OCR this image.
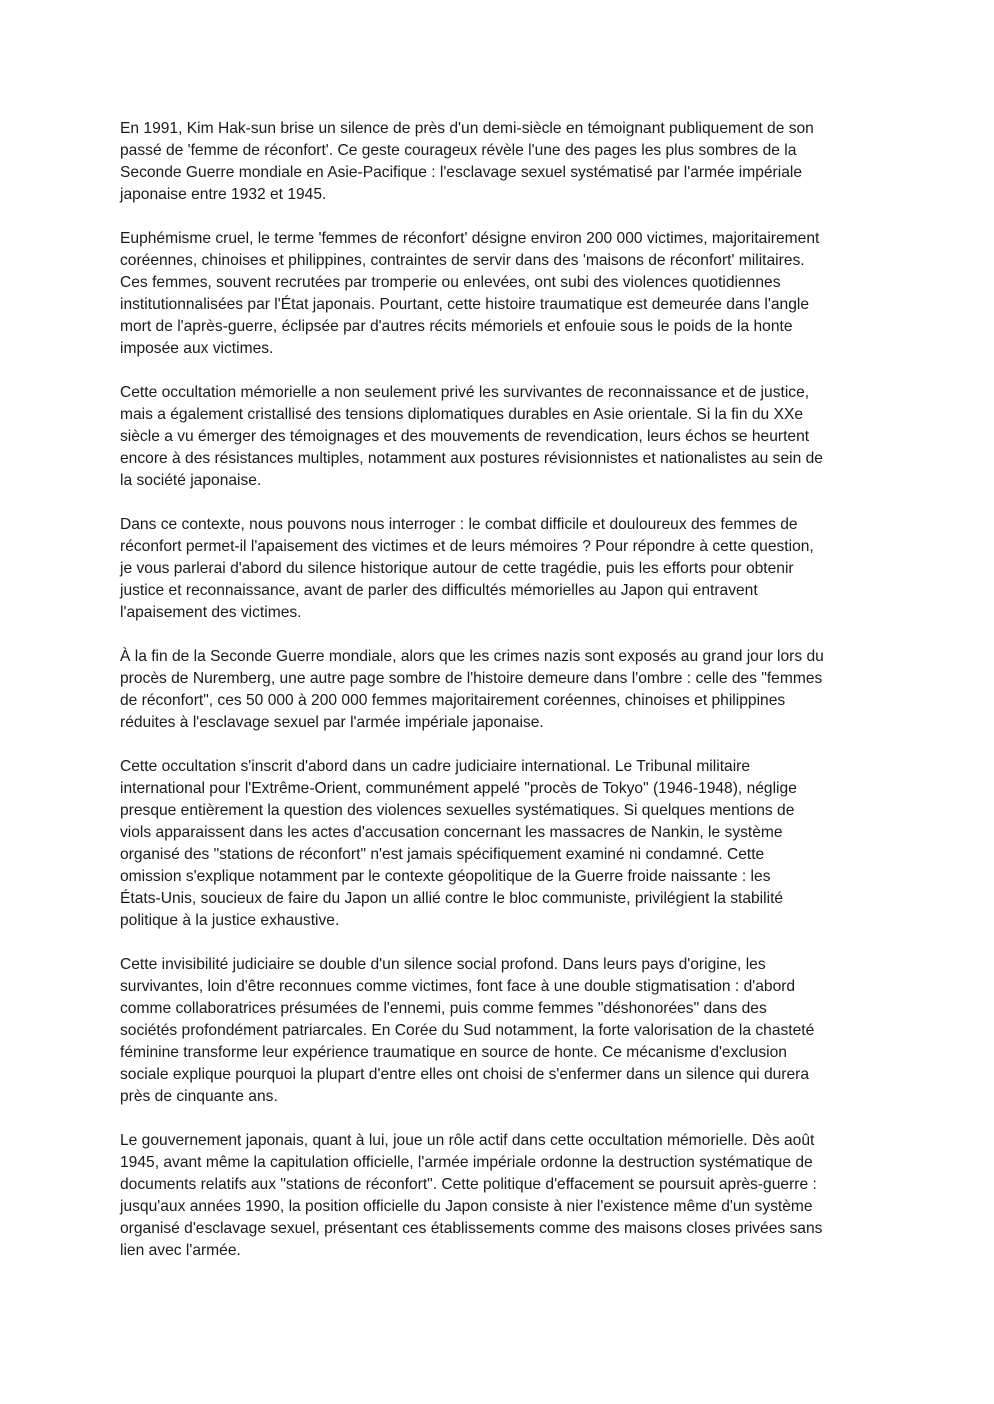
En 1991, Kim Hak-sun brise un silence de près d'un demi-siècle en témoignant publiquement de son
passé de 'femme de réconfort'. Ce geste courageux révèle l'une des pages les plus sombres de la
Seconde Guerre mondiale en Asie-Pacifique : l'esclavage sexuel systématisé par l'armée impériale
japonaise entre 1932 et 1945.

Euphémisme cruel, le terme 'femmes de réconfort' désigne environ 200 000 victimes, majoritairement
coréennes, chinoises et philippines, contraintes de servir dans des 'maisons de réconfort' militaires.
Ces femmes, souvent recrutées par tromperie ou enlevées, ont subi des violences quotidiennes
institutionnalisées par l'État japonais. Pourtant, cette histoire traumatique est demeurée dans l'angle
mort de l'après-guerre, éclipsée par d'autres récits mémoriels et enfouie sous le poids de la honte
imposée aux victimes.

Cette occultation mémorielle a non seulement privé les survivantes de reconnaissance et de justice,
mais a également cristallisé des tensions diplomatiques durables en Asie orientale. Si la fin du XXe
siècle a vu émerger des témoignages et des mouvements de revendication, leurs échos se heurtent
encore à des résistances multiples, notamment aux postures révisionnistes et nationalistes au sein de
la société japonaise.

Dans ce contexte, nous pouvons nous interroger : le combat difficile et douloureux des femmes de
réconfort permet-il l'apaisement des victimes et de leurs mémoires ? Pour répondre à cette question,
je vous parlerai d'abord du silence historique autour de cette tragédie, puis les efforts pour obtenir
justice et reconnaissance, avant de parler des difficultés mémorielles au Japon qui entravent
l'apaisement des victimes.

À la fin de la Seconde Guerre mondiale, alors que les crimes nazis sont exposés au grand jour lors du
procès de Nuremberg, une autre page sombre de l'histoire demeure dans l'ombre : celle des "femmes
de réconfort", ces 50 000 à 200 000 femmes majoritairement coréennes, chinoises et philippines
réduites à l'esclavage sexuel par l'armée impériale japonaise.

Cette occultation s'inscrit d'abord dans un cadre judiciaire international. Le Tribunal militaire
international pour l'Extrême-Orient, communément appelé "procès de Tokyo" (1946-1948), néglige
presque entièrement la question des violences sexuelles systématiques. Si quelques mentions de
viols apparaissent dans les actes d'accusation concernant les massacres de Nankin, le système
organisé des "stations de réconfort" n'est jamais spécifiquement examiné ni condamné. Cette
omission s'explique notamment par le contexte géopolitique de la Guerre froide naissante : les
États-Unis, soucieux de faire du Japon un allié contre le bloc communiste, privilégient la stabilité
politique à la justice exhaustive.

Cette invisibilité judiciaire se double d'un silence social profond. Dans leurs pays d'origine, les
survivantes, loin d'être reconnues comme victimes, font face à une double stigmatisation : d'abord
comme collaboratrices présumées de l'ennemi, puis comme femmes "déshonorées" dans des
sociétés profondément patriarcales. En Corée du Sud notamment, la forte valorisation de la chasteté
féminine transforme leur expérience traumatique en source de honte. Ce mécanisme d'exclusion
sociale explique pourquoi la plupart d'entre elles ont choisi de s'enfermer dans un silence qui durera
près de cinquante ans.

Le gouvernement japonais, quant à lui, joue un rôle actif dans cette occultation mémorielle. Dès août
1945, avant même la capitulation officielle, l'armée impériale ordonne la destruction systématique de
documents relatifs aux "stations de réconfort". Cette politique d'effacement se poursuit après-guerre :
jusqu'aux années 1990, la position officielle du Japon consiste à nier l'existence même d'un système
organisé d'esclavage sexuel, présentant ces établissements comme des maisons closes privées sans
lien avec l'armée.
